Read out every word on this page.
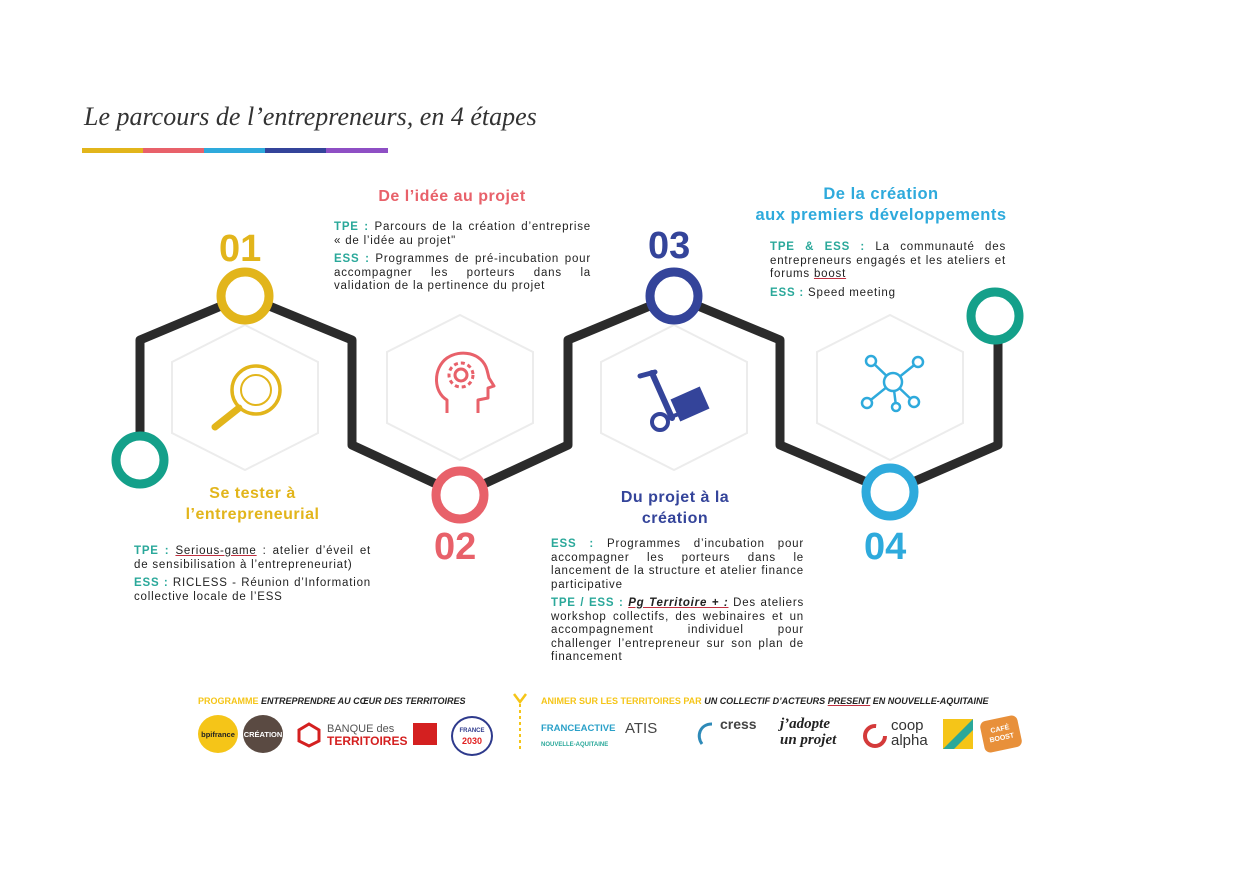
Le parcours de l’entrepreneurs, en 4 étapes
01
Se tester à
l’entrepreneurial

TPE : Serious-game : atelier d’éveil et de sensibilisation à l’entrepreneuriat)

ESS : RICLESS - Réunion d’Information collective locale de l’ESS

02
De l’idée au projet

TPE : Parcours de la création d’entreprise « de l’idée au projet"

ESS : Programmes de pré-incubation pour accompagner les porteurs dans la validation de la pertinence du projet

03
Du projet à la
création

ESS : Programmes d’incubation pour accompagner les porteurs dans le lancement de la structure et atelier finance participative

TPE / ESS : Pg Territoire + : Des ateliers workshop collectifs, des webinaires et un accompagnement individuel pour challenger l’entrepreneur sur son plan de financement

04
De la création
aux premiers développements

TPE & ESS : La communauté des entrepreneurs engagés et les ateliers et forums boost

ESS : Speed meeting

PROGRAMME ENTREPRENDRE AU CŒUR DES TERRITOIRES	ANIMER SUR LES TERRITOIRES PAR UN COLLECTIF D’ACTEURS PRESENT EN NOUVELLE-AQUITAINE
bpifrance CRÉATION	BANQUE des
TERRITOIRES
FRANCE
2030
FRANCEACTIVE
NOUVELLE-AQUITAINE
ATIS	cress j’adopte
un projet
coop
alpha
CAFÉ
BOOST
